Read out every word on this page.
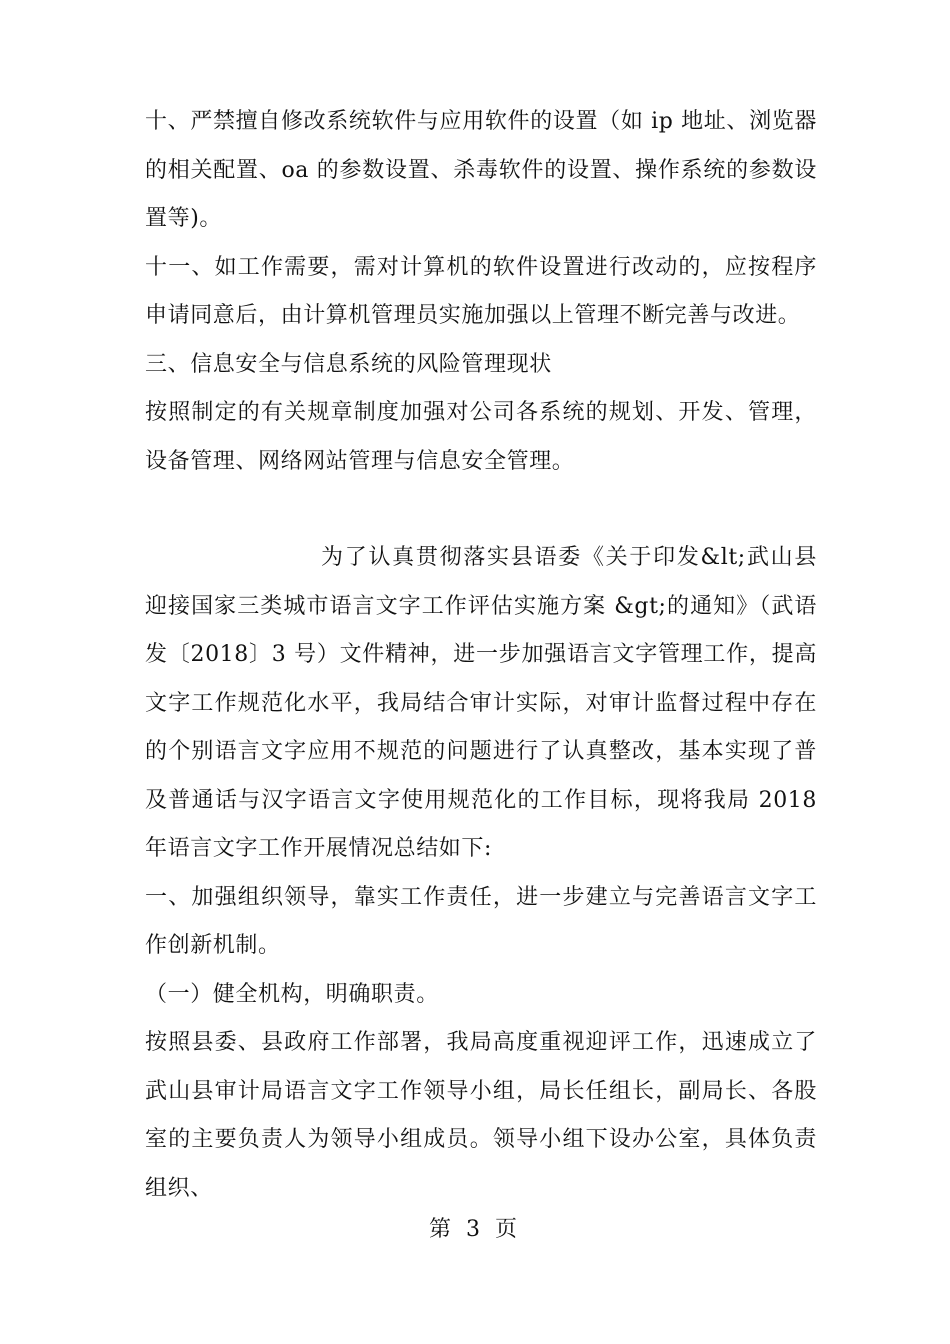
十、严禁擅自修改系统软件与应用软件的设置（如 ip 地址、浏览器的相关配置、oa 的参数设置、杀毒软件的设置、操作系统的参数设置等)。

十一、如工作需要，需对计算机的软件设置进行改动的，应按程序申请同意后，由计算机管理员实施加强以上管理不断完善与改进。

三、信息安全与信息系统的风险管理现状

按照制定的有关规章制度加强对公司各系统的规划、开发、管理，设备管理、网络网站管理与信息安全管理。

为了认真贯彻落实县语委《关于印发&lt;武山县迎接国家三类城市语言文字工作评估实施方案 &gt;的通知》（武语发〔2018〕3 号）文件精神，进一步加强语言文字管理工作，提高文字工作规范化水平，我局结合审计实际，对审计监督过程中存在的个别语言文字应用不规范的问题进行了认真整改，基本实现了普及普通话与汉字语言文字使用规范化的工作目标，现将我局 2018 年语言文字工作开展情况总结如下:

一、加强组织领导，靠实工作责任，进一步建立与完善语言文字工作创新机制。

（一）健全机构，明确职责。

按照县委、县政府工作部署，我局高度重视迎评工作，迅速成立了武山县审计局语言文字工作领导小组，局长任组长，副局长、各股室的主要负责人为领导小组成员。领导小组下设办公室，具体负责组织、

第 3 页
